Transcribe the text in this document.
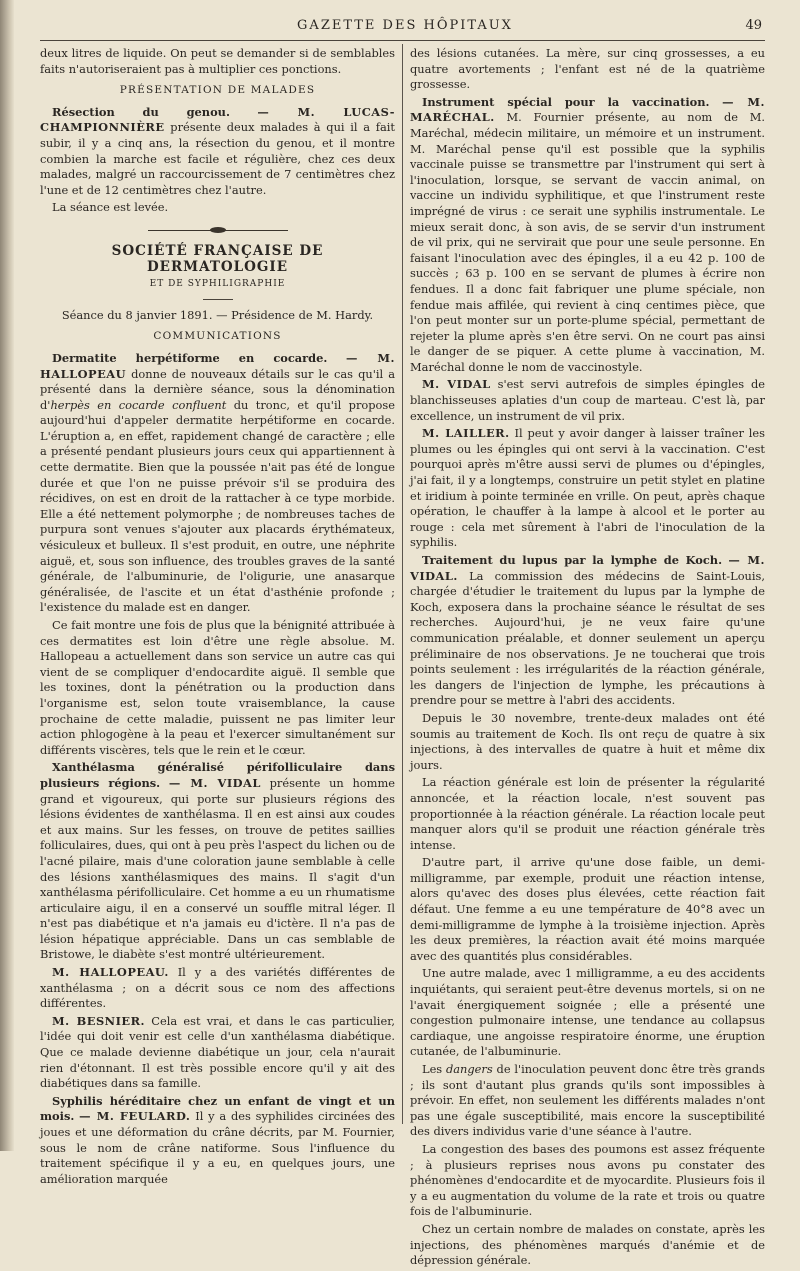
GAZETTE DES HÔPITAUX	49

deux litres de liquide. On peut se demander si de semblables faits n'autoriseraient pas à multiplier ces ponctions.

PRÉSENTATION DE MALADES

Résection du genou. — M. LUCAS-CHAMPIONNIÈRE présente deux malades à qui il a fait subir, il y a cinq ans, la résection du genou, et il montre combien la marche est facile et régulière, chez ces deux malades, malgré un raccourcissement de 7 centimètres chez l'une et de 12 centimètres chez l'autre.

La séance est levée.

SOCIÉTÉ FRANÇAISE DE DERMATOLOGIE
ET DE SYPHILIGRAPHIE

Séance du 8 janvier 1891. — Présidence de M. Hardy.

COMMUNICATIONS

Dermatite herpétiforme en cocarde. — M. HALLOPEAU donne de nouveaux détails sur le cas qu'il a présenté dans la dernière séance, sous la dénomination d'herpès en cocarde confluent du tronc, et qu'il propose aujourd'hui d'appeler dermatite herpétiforme en cocarde. L'éruption a, en effet, rapidement changé de caractère ; elle a présenté pendant plusieurs jours ceux qui appartiennent à cette dermatite. Bien que la poussée n'ait pas été de longue durée et que l'on ne puisse prévoir s'il se produira des récidives, on est en droit de la rattacher à ce type morbide. Elle a été nettement polymorphe ; de nombreuses taches de purpura sont venues s'ajouter aux placards érythémateux, vésiculeux et bulleux. Il s'est produit, en outre, une néphrite aiguë, et, sous son influence, des troubles graves de la santé générale, de l'albuminurie, de l'oligurie, une anasarque généralisée, de l'ascite et un état d'asthénie profonde ; l'existence du malade est en danger.

Ce fait montre une fois de plus que la bénignité attribuée à ces dermatites est loin d'être une règle absolue. M. Hallopeau a actuellement dans son service un autre cas qui vient de se compliquer d'endocardite aiguë. Il semble que les toxines, dont la pénétration ou la production dans l'organisme est, selon toute vraisemblance, la cause prochaine de cette maladie, puissent ne pas limiter leur action phlogogène à la peau et l'exercer simultanément sur différents viscères, tels que le rein et le cœur.

Xanthélasma généralisé périfolliculaire dans plusieurs régions. — M. VIDAL présente un homme grand et vigoureux, qui porte sur plusieurs régions des lésions évidentes de xanthélasma. Il en est ainsi aux coudes et aux mains. Sur les fesses, on trouve de petites saillies folliculaires, dues, qui ont à peu près l'aspect du lichen ou de l'acné pilaire, mais d'une coloration jaune semblable à celle des lésions xanthélasmiques des mains. Il s'agit d'un xanthélasma périfolliculaire. Cet homme a eu un rhumatisme articulaire aigu, il en a conservé un souffle mitral léger. Il n'est pas diabétique et n'a jamais eu d'ictère. Il n'a pas de lésion hépatique appréciable. Dans un cas semblable de Bristowe, le diabète s'est montré ultérieurement.

M. HALLOPEAU. Il y a des variétés différentes de xanthélasma ; on a décrit sous ce nom des affections différentes.

M. BESNIER. Cela est vrai, et dans le cas particulier, l'idée qui doit venir est celle d'un xanthélasma diabétique. Que ce malade devienne diabétique un jour, cela n'aurait rien d'étonnant. Il est très possible encore qu'il y ait des diabétiques dans sa famille.

Syphilis héréditaire chez un enfant de vingt et un mois. — M. FEULARD. Il y a des syphilides circinées des joues et une déformation du crâne décrits, par M. Fournier, sous le nom de crâne natiforme. Sous l'influence du traitement spécifique il y a eu, en quelques jours, une amélioration marquée

des lésions cutanées. La mère, sur cinq grossesses, a eu quatre avortements ; l'enfant est né de la quatrième grossesse.

Instrument spécial pour la vaccination. — M. MARÉCHAL. M. Fournier présente, au nom de M. Maréchal, médecin militaire, un mémoire et un instrument. M. Maréchal pense qu'il est possible que la syphilis vaccinale puisse se transmettre par l'instrument qui sert à l'inoculation, lorsque, se servant de vaccin animal, on vaccine un individu syphilitique, et que l'instrument reste imprégné de virus : ce serait une syphilis instrumentale. Le mieux serait donc, à son avis, de se servir d'un instrument de vil prix, qui ne servirait que pour une seule personne. En faisant l'inoculation avec des épingles, il a eu 42 p. 100 de succès ; 63 p. 100 en se servant de plumes à écrire non fendues. Il a donc fait fabriquer une plume spéciale, non fendue mais affilée, qui revient à cinq centimes pièce, que l'on peut monter sur un porte-plume spécial, permettant de rejeter la plume après s'en être servi. On ne court pas ainsi le danger de se piquer. A cette plume à vaccination, M. Maréchal donne le nom de vaccinostyle.

M. VIDAL s'est servi autrefois de simples épingles de blanchisseuses aplaties d'un coup de marteau. C'est là, par excellence, un instrument de vil prix.

M. LAILLER. Il peut y avoir danger à laisser traîner les plumes ou les épingles qui ont servi à la vaccination. C'est pourquoi après m'être aussi servi de plumes ou d'épingles, j'ai fait, il y a longtemps, construire un petit stylet en platine et iridium à pointe terminée en vrille. On peut, après chaque opération, le chauffer à la lampe à alcool et le porter au rouge : cela met sûrement à l'abri de l'inoculation de la syphilis.

Traitement du lupus par la lymphe de Koch. — M. VIDAL. La commission des médecins de Saint-Louis, chargée d'étudier le traitement du lupus par la lymphe de Koch, exposera dans la prochaine séance le résultat de ses recherches. Aujourd'hui, je ne veux faire qu'une communication préalable, et donner seulement un aperçu préliminaire de nos observations. Je ne toucherai que trois points seulement : les irrégularités de la réaction générale, les dangers de l'injection de lymphe, les précautions à prendre pour se mettre à l'abri des accidents.

Depuis le 30 novembre, trente-deux malades ont été soumis au traitement de Koch. Ils ont reçu de quatre à six injections, à des intervalles de quatre à huit et même dix jours.

La réaction générale est loin de présenter la régularité annoncée, et la réaction locale, n'est souvent pas proportionnée à la réaction générale. La réaction locale peut manquer alors qu'il se produit une réaction générale très intense.

D'autre part, il arrive qu'une dose faible, un demi-milligramme, par exemple, produit une réaction intense, alors qu'avec des doses plus élevées, cette réaction fait défaut. Une femme a eu une température de 40°8 avec un demi-milligramme de lymphe à la troisième injection. Après les deux premières, la réaction avait été moins marquée avec des quantités plus considérables.

Une autre malade, avec 1 milligramme, a eu des accidents inquiétants, qui seraient peut-être devenus mortels, si on ne l'avait énergiquement soignée ; elle a présenté une congestion pulmonaire intense, une tendance au collapsus cardiaque, une angoisse respiratoire énorme, une éruption cutanée, de l'albuminurie.

Les dangers de l'inoculation peuvent donc être très grands ; ils sont d'autant plus grands qu'ils sont impossibles à prévoir. En effet, non seulement les différents malades n'ont pas une égale susceptibilité, mais encore la susceptibilité des divers individus varie d'une séance à l'autre.

La congestion des bases des poumons est assez fréquente ; à plusieurs reprises nous avons pu constater des phénomènes d'endocardite et de myocardite. Plusieurs fois il y a eu augmentation du volume de la rate et trois ou quatre fois de l'albuminurie.

Chez un certain nombre de malades on constate, après les injections, des phénomènes marqués d'anémie et de dépression générale.
